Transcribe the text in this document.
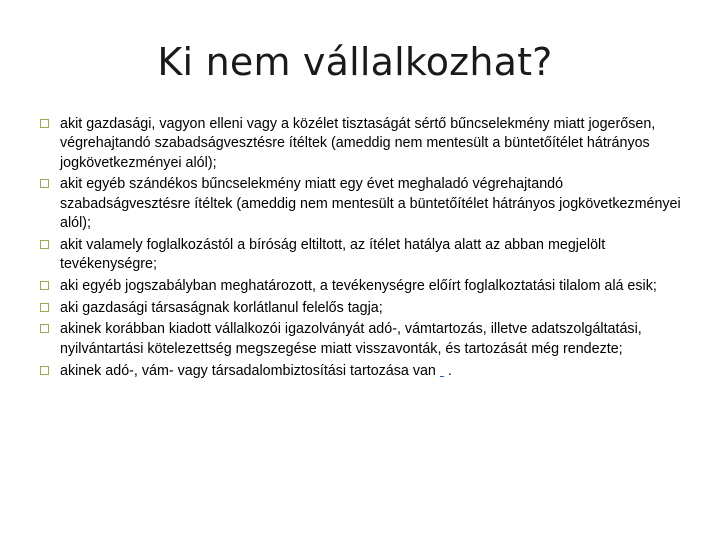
Ki nem vállalkozhat?
akit gazdasági, vagyon elleni vagy a közélet tisztaságát sértő bűncselekmény miatt jogerősen, végrehajtandó szabadságvesztésre ítéltek (ameddig nem mentesült a büntetőítélet hátrányos jogkövetkezményei alól);
akit egyéb szándékos bűncselekmény miatt egy évet meghaladó végrehajtandó szabadságvesztésre ítéltek (ameddig nem mentesült a büntetőítélet hátrányos jogkövetkezményei alól);
akit valamely foglalkozástól a bíróság eltiltott, az ítélet hatálya alatt az abban megjelölt tevékenységre;
aki egyéb jogszabályban meghatározott, a tevékenységre előírt foglalkoztatási tilalom alá esik;
aki gazdasági társaságnak korlátlanul felelős tagja;
akinek korábban kiadott vállalkozói igazolványát adó-, vámtartozás, illetve adatszolgáltatási, nyilvántartási kötelezettség megszegése miatt visszavonták, és tartozását még rendezte;
akinek adó-, vám- vagy társadalombiztosítási tartozása van .
